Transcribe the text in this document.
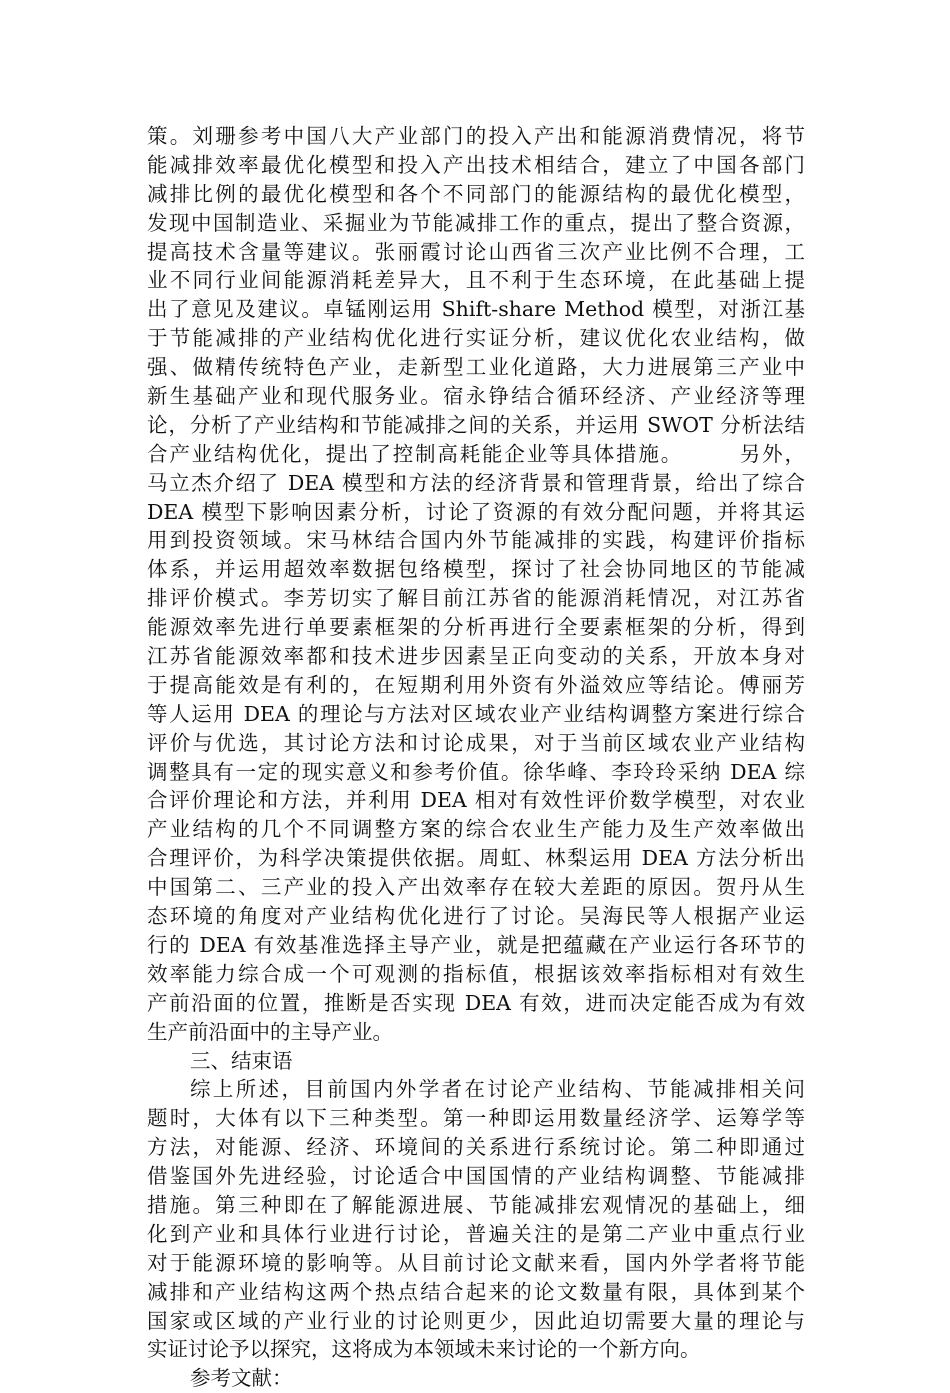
策。刘珊参考中国八大产业部门的投入产出和能源消费情况，将节
能减排效率最优化模型和投入产出技术相结合，建立了中国各部门
减排比例的最优化模型和各个不同部门的能源结构的最优化模型，
发现中国制造业、采掘业为节能减排工作的重点，提出了整合资源，
提高技术含量等建议。张丽霞讨论山西省三次产业比例不合理，工
业不同行业间能源消耗差异大，且不利于生态环境，在此基础上提
出了意见及建议。卓锰刚运用 Shift-share Method 模型，对浙江基
于节能减排的产业结构优化进行实证分析，建议优化农业结构，做
强、做精传统特色产业，走新型工业化道路，大力进展第三产业中
新生基础产业和现代服务业。宿永铮结合循环经济、产业经济等理
论，分析了产业结构和节能减排之间的关系，并运用 SWOT 分析法结
合产业结构优化，提出了控制高耗能企业等具体措施。　　　另外，
马立杰介绍了 DEA 模型和方法的经济背景和管理背景，给出了综合
DEA 模型下影响因素分析，讨论了资源的有效分配问题，并将其运
用到投资领域。宋马林结合国内外节能减排的实践，构建评价指标
体系，并运用超效率数据包络模型，探讨了社会协同地区的节能减
排评价模式。李芳切实了解目前江苏省的能源消耗情况，对江苏省
能源效率先进行单要素框架的分析再进行全要素框架的分析，得到
江苏省能源效率都和技术进步因素呈正向变动的关系，开放本身对
于提高能效是有利的，在短期利用外资有外溢效应等结论。傅丽芳
等人运用 DEA 的理论与方法对区域农业产业结构调整方案进行综合
评价与优选，其讨论方法和讨论成果，对于当前区域农业产业结构
调整具有一定的现实意义和参考价值。徐华峰、李玲玲采纳 DEA 综
合评价理论和方法，并利用 DEA 相对有效性评价数学模型，对农业
产业结构的几个不同调整方案的综合农业生产能力及生产效率做出
合理评价，为科学决策提供依据。周虹、林梨运用 DEA 方法分析出
中国第二、三产业的投入产出效率存在较大差距的原因。贺丹从生
态环境的角度对产业结构优化进行了讨论。吴海民等人根据产业运
行的 DEA 有效基准选择主导产业，就是把蕴藏在产业运行各环节的
效率能力综合成一个可观测的指标值，根据该效率指标相对有效生
产前沿面的位置，推断是否实现 DEA 有效，进而决定能否成为有效
生产前沿面中的主导产业。
三、结束语
综上所述，目前国内外学者在讨论产业结构、节能减排相关问
题时，大体有以下三种类型。第一种即运用数量经济学、运筹学等
方法，对能源、经济、环境间的关系进行系统讨论。第二种即通过
借鉴国外先进经验，讨论适合中国国情的产业结构调整、节能减排
措施。第三种即在了解能源进展、节能减排宏观情况的基础上，细
化到产业和具体行业进行讨论，普遍关注的是第二产业中重点行业
对于能源环境的影响等。从目前讨论文献来看，国内外学者将节能
减排和产业结构这两个热点结合起来的论文数量有限，具体到某个
国家或区域的产业行业的讨论则更少，因此迫切需要大量的理论与
实证讨论予以探究，这将成为本领域未来讨论的一个新方向。
参考文献：
